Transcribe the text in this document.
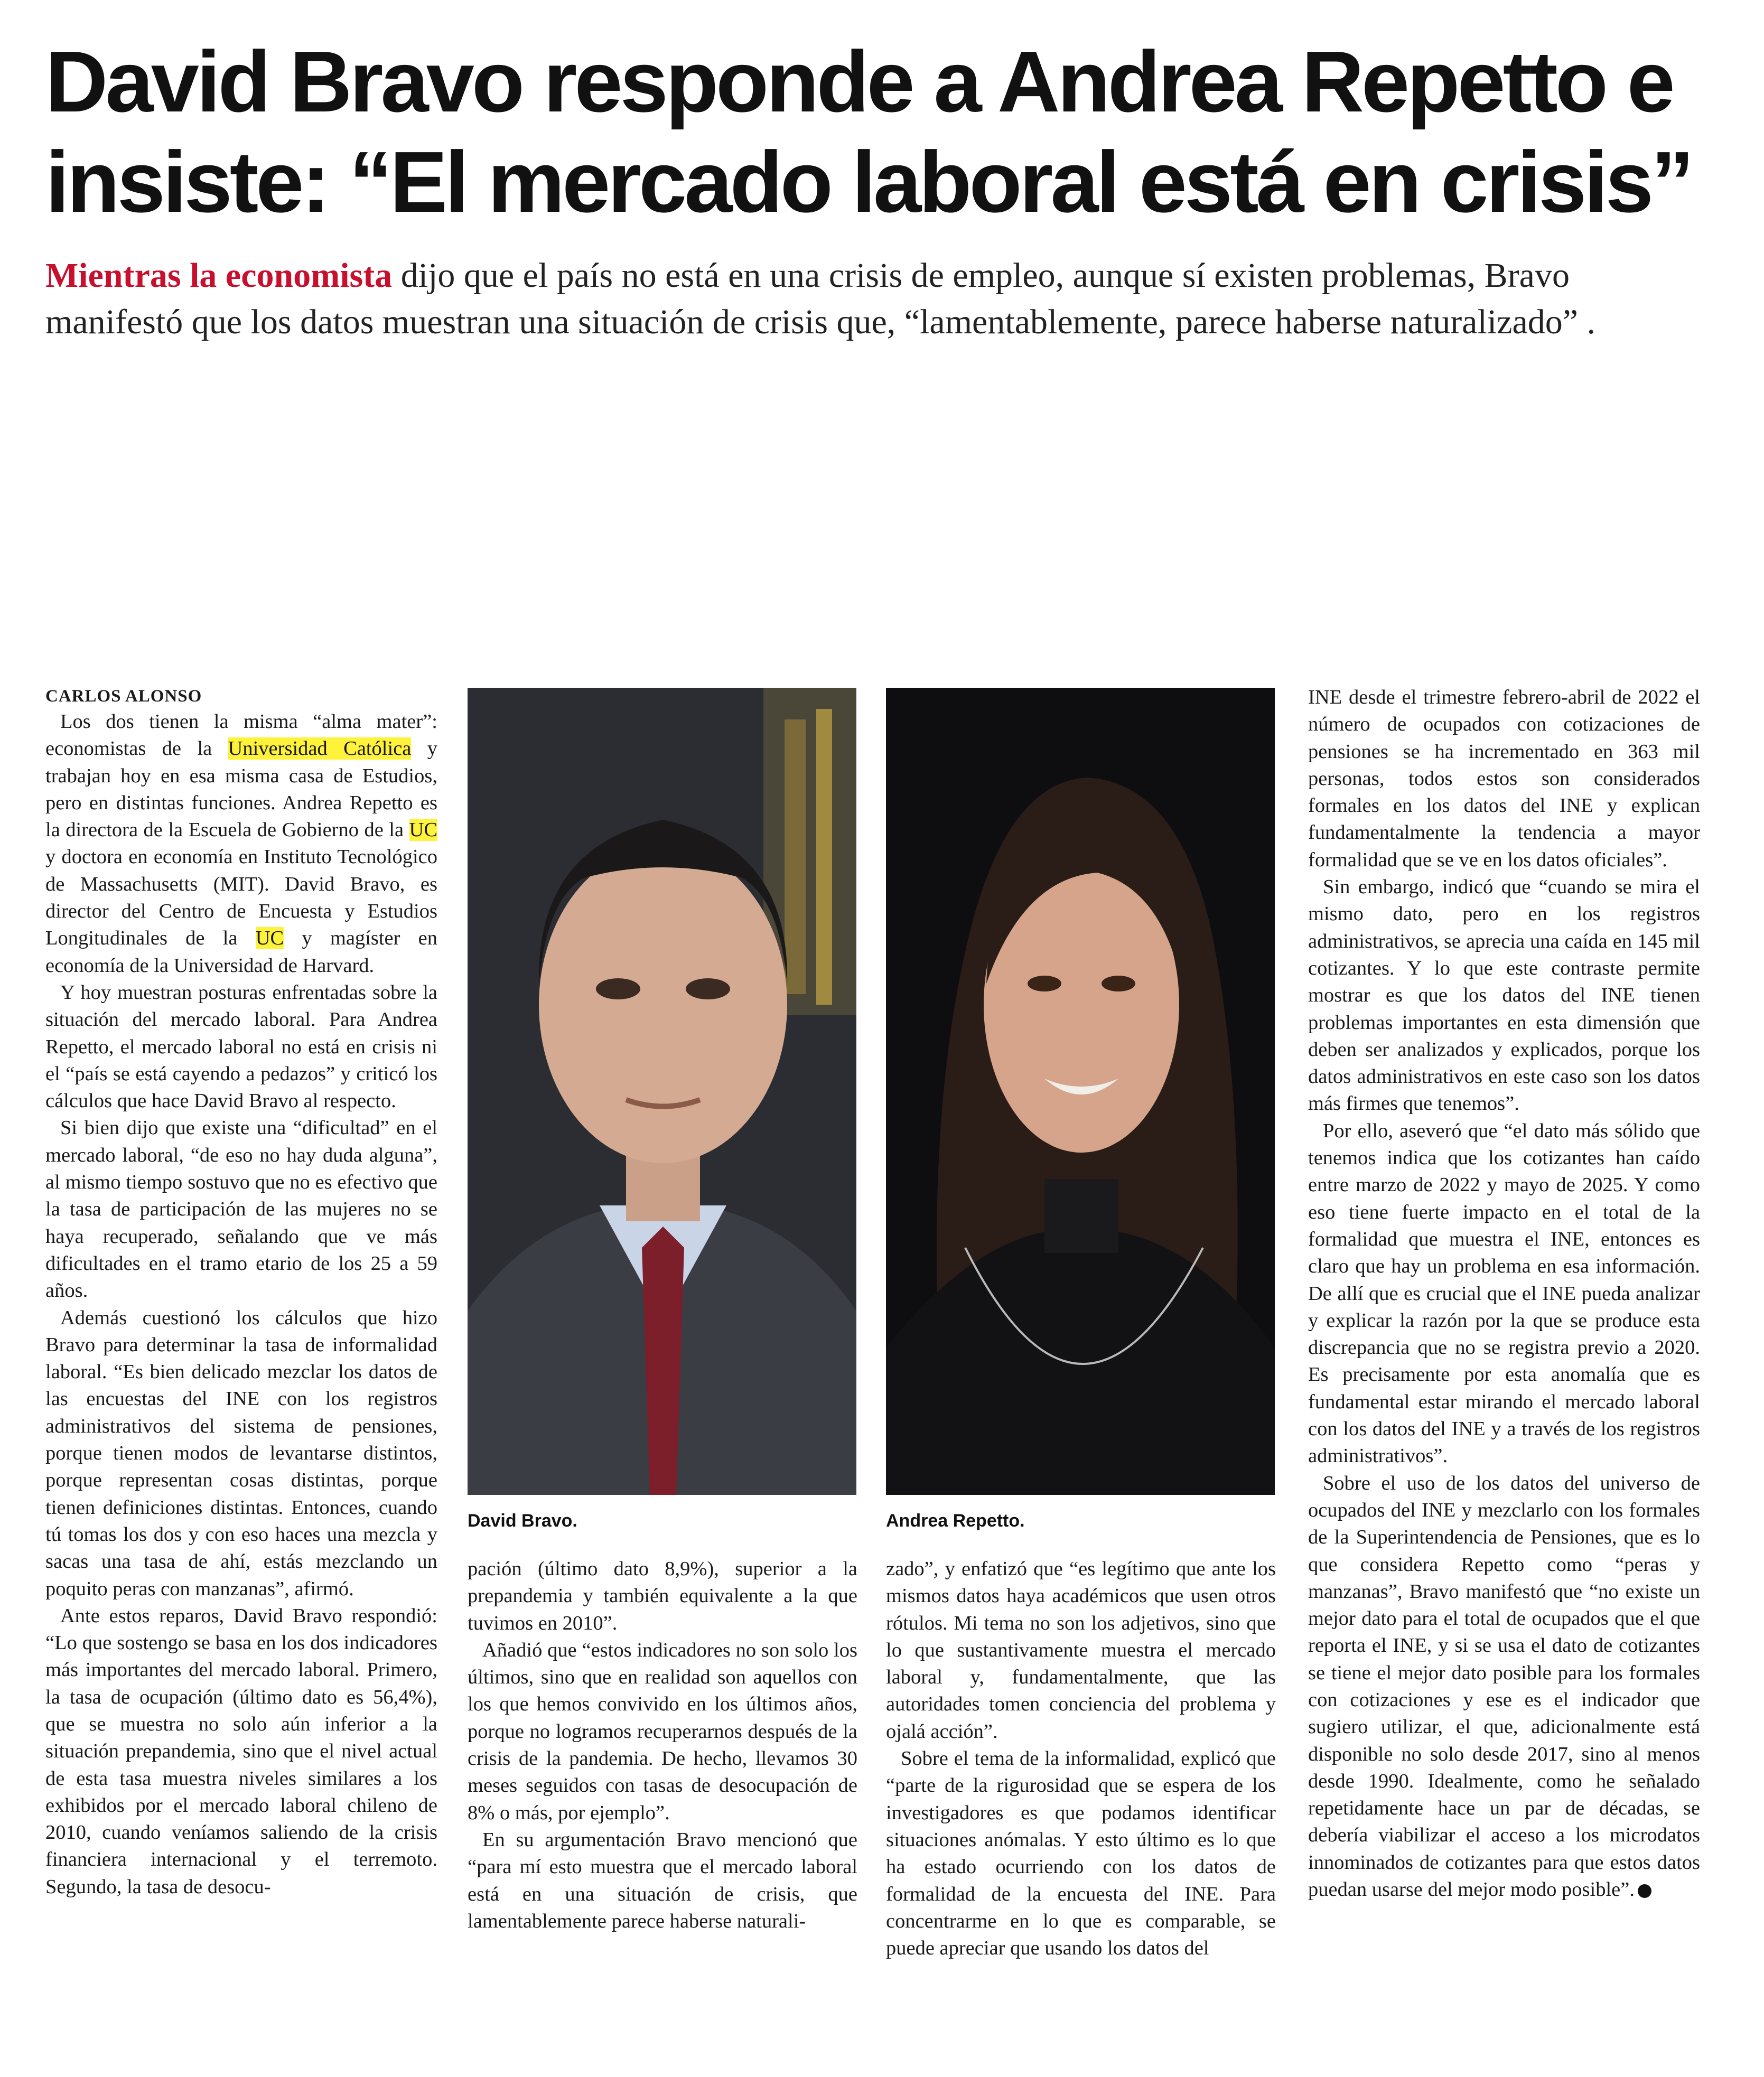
David Bravo responde a Andrea Repetto e insiste: “El mercado laboral está en crisis”

Mientras la economista dijo que el país no está en una crisis de empleo, aunque sí existen problemas, Bravo manifestó que los datos muestran una situación de crisis que, “lamentablemente, parece haberse naturalizado” .

CARLOS ALONSO

Los dos tienen la misma “alma mater”: economistas de la Universidad Católica y trabajan hoy en esa misma casa de Estudios, pero en distintas funciones. Andrea Repetto es la directora de la Escuela de Gobierno de la UC y doctora en economía en Instituto Tecnológico de Massachusetts (MIT). David Bravo, es director del Centro de Encuesta y Estudios Longitudinales de la UC y magíster en economía de la Universidad de Harvard.

Y hoy muestran posturas enfrentadas sobre la situación del mercado laboral. Para Andrea Repetto, el mercado laboral no está en crisis ni el “país se está cayendo a pedazos” y criticó los cálculos que hace David Bravo al respecto.

Si bien dijo que existe una “dificultad” en el mercado laboral, “de eso no hay duda alguna”, al mismo tiempo sostuvo que no es efectivo que la tasa de participación de las mujeres no se haya recuperado, señalando que ve más dificultades en el tramo etario de los 25 a 59 años.

Además cuestionó los cálculos que hizo Bravo para determinar la tasa de informalidad laboral. “Es bien delicado mezclar los datos de las encuestas del INE con los registros administrativos del sistema de pensiones, porque tienen modos de levantarse distintos, porque representan cosas distintas, porque tienen definiciones distintas. Entonces, cuando tú tomas los dos y con eso haces una mezcla y sacas una tasa de ahí, estás mezclando un poquito peras con manzanas”, afirmó.

Ante estos reparos, David Bravo respondió: “Lo que sostengo se basa en los dos indicadores más importantes del mercado laboral. Primero, la tasa de ocupación (último dato es 56,4%), que se muestra no solo aún inferior a la situación prepandemia, sino que el nivel actual de esta tasa muestra niveles similares a los exhibidos por el mercado laboral chileno de 2010, cuando veníamos saliendo de la crisis financiera internacional y el terremoto. Segundo, la tasa de desocu-

David Bravo.	Andrea Repetto.

pación (último dato 8,9%), superior a la prepandemia y también equivalente a la que tuvimos en 2010”.

Añadió que “estos indicadores no son solo los últimos, sino que en realidad son aquellos con los que hemos convivido en los últimos años, porque no logramos recuperarnos después de la crisis de la pandemia. De hecho, llevamos 30 meses seguidos con tasas de desocupación de 8% o más, por ejemplo”.

En su argumentación Bravo mencionó que “para mí esto muestra que el mercado laboral está en una situación de crisis, que lamentablemente parece haberse naturali-

zado”, y enfatizó que “es legítimo que ante los mismos datos haya académicos que usen otros rótulos. Mi tema no son los adjetivos, sino que lo que sustantivamente muestra el mercado laboral y, fundamentalmente, que las autoridades tomen conciencia del problema y ojalá acción”.

Sobre el tema de la informalidad, explicó que “parte de la rigurosidad que se espera de los investigadores es que podamos identificar situaciones anómalas. Y esto último es lo que ha estado ocurriendo con los datos de formalidad de la encuesta del INE. Para concentrarme en lo que es comparable, se puede apreciar que usando los datos del

INE desde el trimestre febrero-abril de 2022 el número de ocupados con cotizaciones de pensiones se ha incrementado en 363 mil personas, todos estos son considerados formales en los datos del INE y explican fundamentalmente la tendencia a mayor formalidad que se ve en los datos oficiales”.

Sin embargo, indicó que “cuando se mira el mismo dato, pero en los registros administrativos, se aprecia una caída en 145 mil cotizantes. Y lo que este contraste permite mostrar es que los datos del INE tienen problemas importantes en esta dimensión que deben ser analizados y explicados, porque los datos administrativos en este caso son los datos más firmes que tenemos”.

Por ello, aseveró que “el dato más sólido que tenemos indica que los cotizantes han caído entre marzo de 2022 y mayo de 2025. Y como eso tiene fuerte impacto en el total de la formalidad que muestra el INE, entonces es claro que hay un problema en esa información. De allí que es crucial que el INE pueda analizar y explicar la razón por la que se produce esta discrepancia que no se registra previo a 2020. Es precisamente por esta anomalía que es fundamental estar mirando el mercado laboral con los datos del INE y a través de los registros administrativos”.

Sobre el uso de los datos del universo de ocupados del INE y mezclarlo con los formales de la Superintendencia de Pensiones, que es lo que considera Repetto como “peras y manzanas”, Bravo manifestó que “no existe un mejor dato para el total de ocupados que el que reporta el INE, y si se usa el dato de cotizantes se tiene el mejor dato posible para los formales con cotizaciones y ese es el indicador que sugiero utilizar, el que, adicionalmente está disponible no solo desde 2017, sino al menos desde 1990. Idealmente, como he señalado repetidamente hace un par de décadas, se debería viabilizar el acceso a los microdatos innominados de cotizantes para que estos datos puedan usarse del mejor modo posible”.
